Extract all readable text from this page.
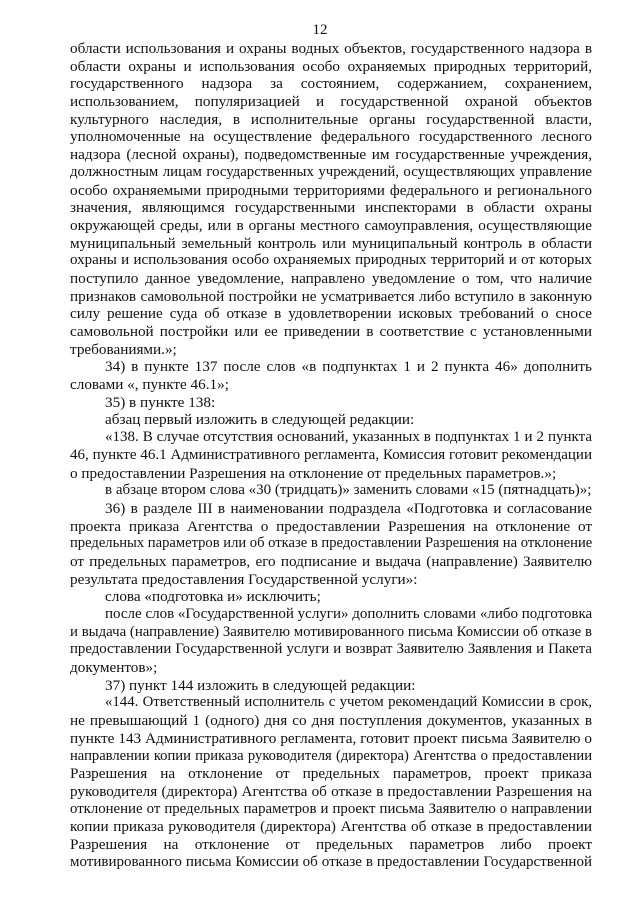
12
области использования и охраны водных объектов, государственного надзора в
области охраны и использования особо охраняемых природных территорий,
государственного надзора за состоянием, содержанием, сохранением,
использованием, популяризацией и государственной охраной объектов
культурного наследия, в исполнительные органы государственной власти,
уполномоченные на осуществление федерального государственного лесного
надзора (лесной охраны), подведомственные им государственные учреждения,
должностным лицам государственных учреждений, осуществляющих управление
особо охраняемыми природными территориями федерального и регионального
значения, являющимся государственными инспекторами в области охраны
окружающей среды, или в органы местного самоуправления, осуществляющие
муниципальный земельный контроль или муниципальный контроль в области
охраны и использования особо охраняемых природных территорий и от которых
поступило данное уведомление, направлено уведомление о том, что наличие
признаков самовольной постройки не усматривается либо вступило в законную
силу решение суда об отказе в удовлетворении исковых требований о сносе
самовольной постройки или ее приведении в соответствие с установленными
требованиями.»;
34) в пункте 137 после слов «в подпунктах 1 и 2 пункта 46» дополнить
словами «, пункте 46.1»;
35) в пункте 138:
абзац первый изложить в следующей редакции:
«138. В случае отсутствия оснований, указанных в подпунктах 1 и 2 пункта
46, пункте 46.1 Административного регламента, Комиссия готовит рекомендации
о предоставлении Разрешения на отклонение от предельных параметров.»;
в абзаце втором слова «30 (тридцать)» заменить словами «15 (пятнадцать)»;
36) в разделе III в наименовании подраздела «Подготовка и согласование
проекта приказа Агентства о предоставлении Разрешения на отклонение от
предельных параметров или об отказе в предоставлении Разрешения на отклонение
от предельных параметров, его подписание и выдача (направление) Заявителю
результата предоставления Государственной услуги»:
слова «подготовка и» исключить;
после слов «Государственной услуги» дополнить словами «либо подготовка
и выдача (направление) Заявителю мотивированного письма Комиссии об отказе в
предоставлении Государственной услуги и возврат Заявителю Заявления и Пакета
документов»;
37) пункт 144 изложить в следующей редакции:
«144. Ответственный исполнитель с учетом рекомендаций Комиссии в срок,
не превышающий 1 (одного) дня со дня поступления документов, указанных в
пункте 143 Административного регламента, готовит проект письма Заявителю о
направлении копии приказа руководителя (директора) Агентства о предоставлении
Разрешения на отклонение от предельных параметров, проект приказа
руководителя (директора) Агентства об отказе в предоставлении Разрешения на
отклонение от предельных параметров и проект письма Заявителю о направлении
копии приказа руководителя (директора) Агентства об отказе в предоставлении
Разрешения на отклонение от предельных параметров либо проект
мотивированного письма Комиссии об отказе в предоставлении Государственной
